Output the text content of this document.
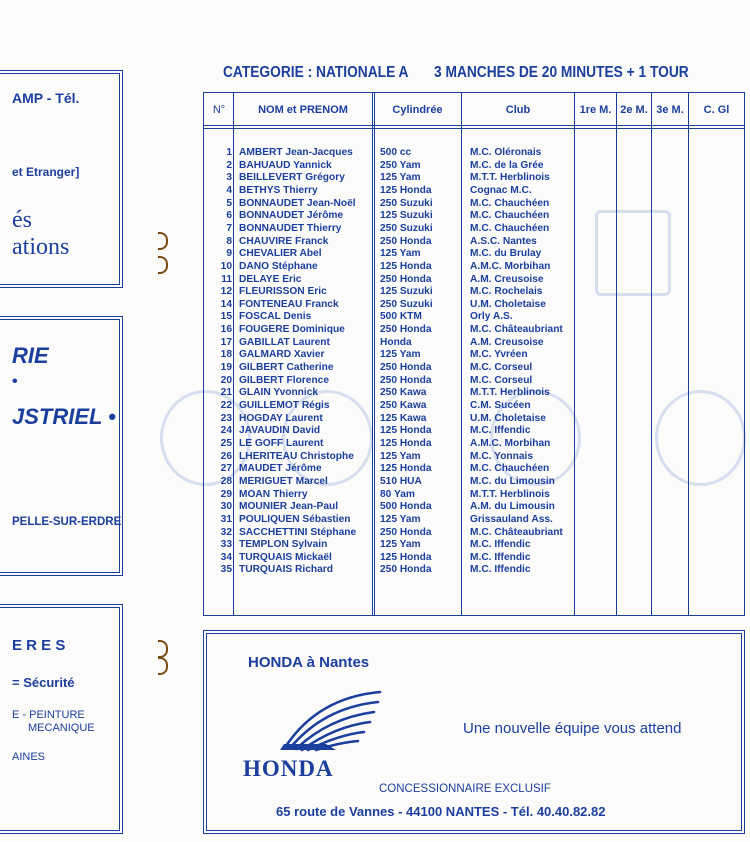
AMP - Tél.
et Etranger]
és
ations
RIE
•
JSTRIEL •
PELLE-SUR-ERDRE
E R E S
= Sécurité
E - PEINTURE
MECANIQUE
AINES
CATEGORIE : NATIONALE A 3 MANCHES DE 20 MINUTES + 1 TOUR
N°	NOM et PRENOM	Cylindrée	Club	1re M. 2e M. 3e M.	C. Gl
1 AMBERT Jean-Jacques	500 cc	M.C. Oléronais
2 BAHUAUD Yannick	250 Yam	M.C. de la Grée
3 BEILLEVERT Grégory	125 Yam	M.T.T. Herblinois
4 BETHYS Thierry	125 Honda	Cognac M.C.
5 BONNAUDET Jean-Noël 250 Suzuki	M.C. Chauchéen
6 BONNAUDET Jérôme	125 Suzuki	M.C. Chauchéen
7 BONNAUDET Thierry	250 Suzuki	M.C. Chauchéen
8 CHAUVIRE Franck	250 Honda	A.S.C. Nantes
9 CHEVALIER Abel	125 Yam	M.C. du Brulay
10 DANO Stéphane	125 Honda	A.M.C. Morbihan
11 DELAYE Eric	250 Honda	A.M. Creusoise
12 FLEURISSON Eric	125 Suzuki	M.C. Rochelais
14 FONTENEAU Franck	250 Suzuki	U.M. Choletaise
15 FOSCAL Denis	500 KTM	Orly A.S.
16 FOUGERE Dominique	250 Honda	M.C. Châteaubriant
17 GABILLAT Laurent	Honda	A.M. Creusoise
18 GALMARD Xavier	125 Yam	M.C. Yvréen
19 GILBERT Catherine	250 Honda	M.C. Corseul
20 GILBERT Florence	250 Honda	M.C. Corseul
21 GLAIN Yvonnick	250 Kawa	M.T.T. Herblinois
22 GUILLEMOT Régis	250 Kawa	C.M. Sucéen
23 HOGDAY Laurent	125 Kawa	U.M. Choletaise
24 JAVAUDIN David	125 Honda	M.C. Iffendic
25 LE GOFF Laurent	125 Honda	A.M.C. Morbihan
26 LHERITEAU Christophe	125 Yam	M.C. Yonnais
27 MAUDET Jérôme	125 Honda	M.C. Chauchéen
28 MERIGUET Marcel	510 HUA	M.C. du Limousin
29 MOAN Thierry	80 Yam	M.T.T. Herblinois
30 MOUNIER Jean-Paul	500 Honda	A.M. du Limousin
31 POULIQUEN Sébastien	125 Yam	Grissauland Ass.
32 SACCHETTINI Stéphane 250 Honda	M.C. Châteaubriant
33 TEMPLON Sylvain	125 Yam	M.C. Iffendic
34 TURQUAIS Mickaël	125 Honda	M.C. Iffendic
35 TURQUAIS Richard	250 Honda	M.C. Iffendic
HONDA à Nantes
HONDA
Une nouvelle équipe vous attend
CONCESSIONNAIRE EXCLUSIF
65 route de Vannes - 44100 NANTES - Tél. 40.40.82.82
